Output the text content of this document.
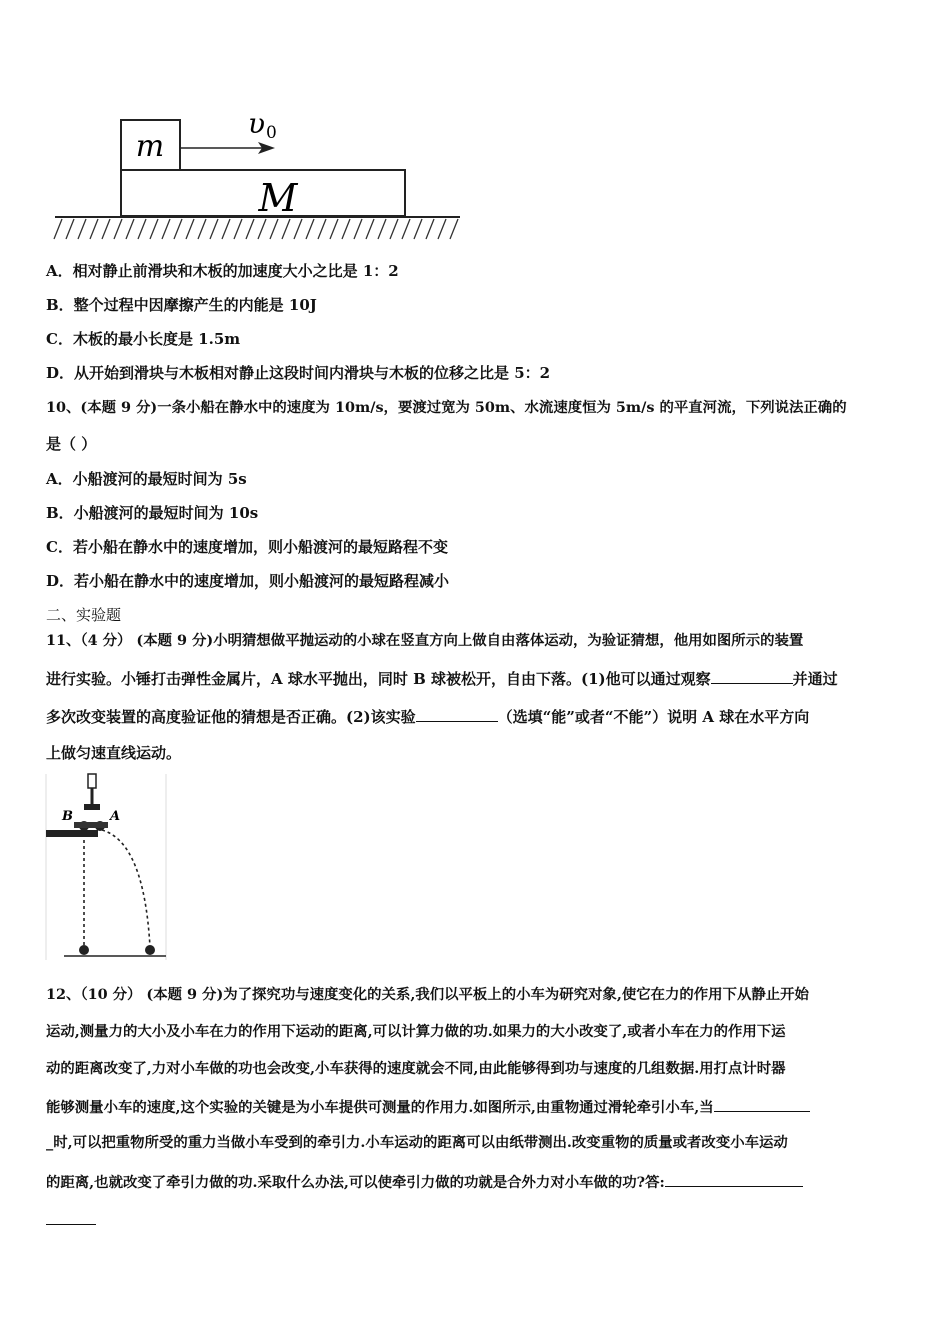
m
υ 0
M
A．相对静止前滑块和木板的加速度大小之比是 1：2
B．整个过程中因摩擦产生的内能是 10J
C．木板的最小长度是 1.5m
D．从开始到滑块与木板相对静止这段时间内滑块与木板的位移之比是 5：2
10、(本题 9 分)一条小船在静水中的速度为 10m/s，要渡过宽为 50m、水流速度恒为 5m/s 的平直河流，下列说法正确的
是（ ）
A．小船渡河的最短时间为 5s
B．小船渡河的最短时间为 10s
C．若小船在静水中的速度增加，则小船渡河的最短路程不变
D．若小船在静水中的速度增加，则小船渡河的最短路程减小
二、实验题
11、（4 分） (本题 9 分)小明猜想做平抛运动的小球在竖直方向上做自由落体运动，为验证猜想，他用如图所示的装置
进行实验。小锤打击弹性金属片，A 球水平抛出，同时 B 球被松开，自由下落。(1)他可以通过观察	并通过
多次改变装置的高度验证他的猜想是否正确。(2)该实验	（选填“能”或者“不能”）说明 A 球在水平方向
上做匀速直线运动。
B	A
12、（10 分） (本题 9 分)为了探究功与速度变化的关系,我们以平板上的小车为研究对象,使它在力的作用下从静止开始
运动,测量力的大小及小车在力的作用下运动的距离,可以计算力做的功.如果力的大小改变了,或者小车在力的作用下运
动的距离改变了,力对小车做的功也会改变,小车获得的速度就会不同,由此能够得到功与速度的几组数据.用打点计时器
能够测量小车的速度,这个实验的关键是为小车提供可测量的作用力.如图所示,由重物通过滑轮牵引小车,当
_时,可以把重物所受的重力当做小车受到的牵引力.小车运动的距离可以由纸带测出.改变重物的质量或者改变小车运动
的距离,也就改变了牵引力做的功.采取什么办法,可以使牵引力做的功就是合外力对小车做的功?答:
